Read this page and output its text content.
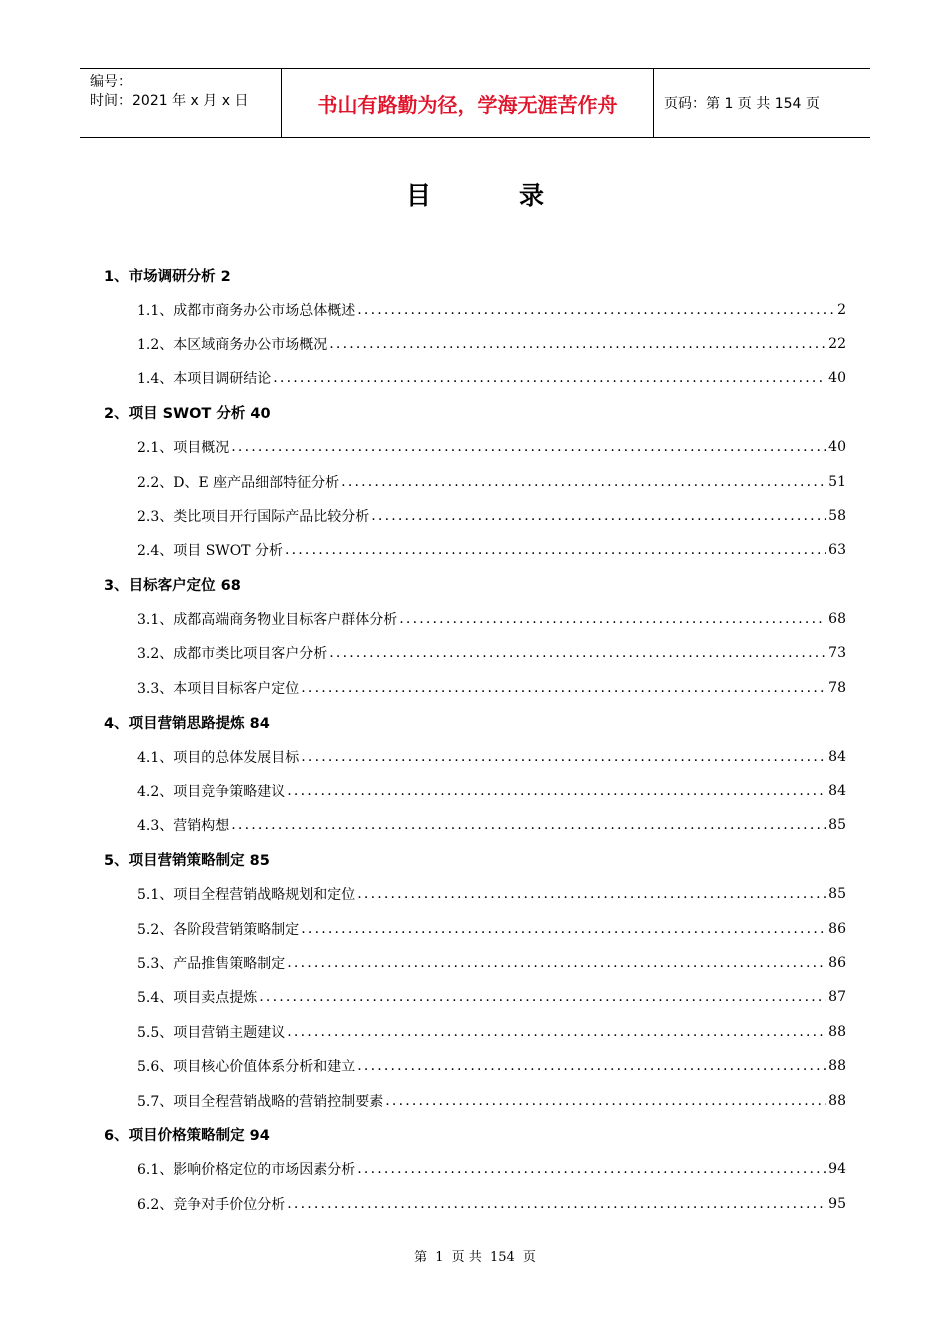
编号：
时间：2021 年 x 月 x 日	书山有路勤为径，学海无涯苦作舟	页码：第 1 页 共 154 页
目录
1、市场调研分析 2
1.1、成都市商务办公市场总体概述 .....	2
1.2、本区域商务办公市场概况 .....	22
1.4、本项目调研结论 .....	40
2、项目 SWOT 分析 40
2.1、项目概况 .....	40
2.2、D、E 座产品细部特征分析 .....	51
2.3、类比项目开行国际产品比较分析 .....	58
2.4、项目 SWOT 分析 .....	63
3、目标客户定位 68
3.1、成都高端商务物业目标客户群体分析 .....	68
3.2、成都市类比项目客户分析 .....	73
3.3、本项目目标客户定位 .....	78
4、项目营销思路提炼 84
4.1、项目的总体发展目标 .....	84
4.2、项目竞争策略建议 .....	84
4.3、营销构想 .....	85
5、项目营销策略制定 85
5.1、项目全程营销战略规划和定位 .....	85
5.2、各阶段营销策略制定 .....	86
5.3、产品推售策略制定 .....	86
5.4、项目卖点提炼 .....	87
5.5、项目营销主题建议 .....	88
5.6、项目核心价值体系分析和建立 .....	88
5.7、项目全程营销战略的营销控制要素 .....	88
6、项目价格策略制定 94
6.1、影响价格定位的市场因素分析 .....	94
6.2、竞争对手价位分析 .....	95
第 1 页 共 154 页
